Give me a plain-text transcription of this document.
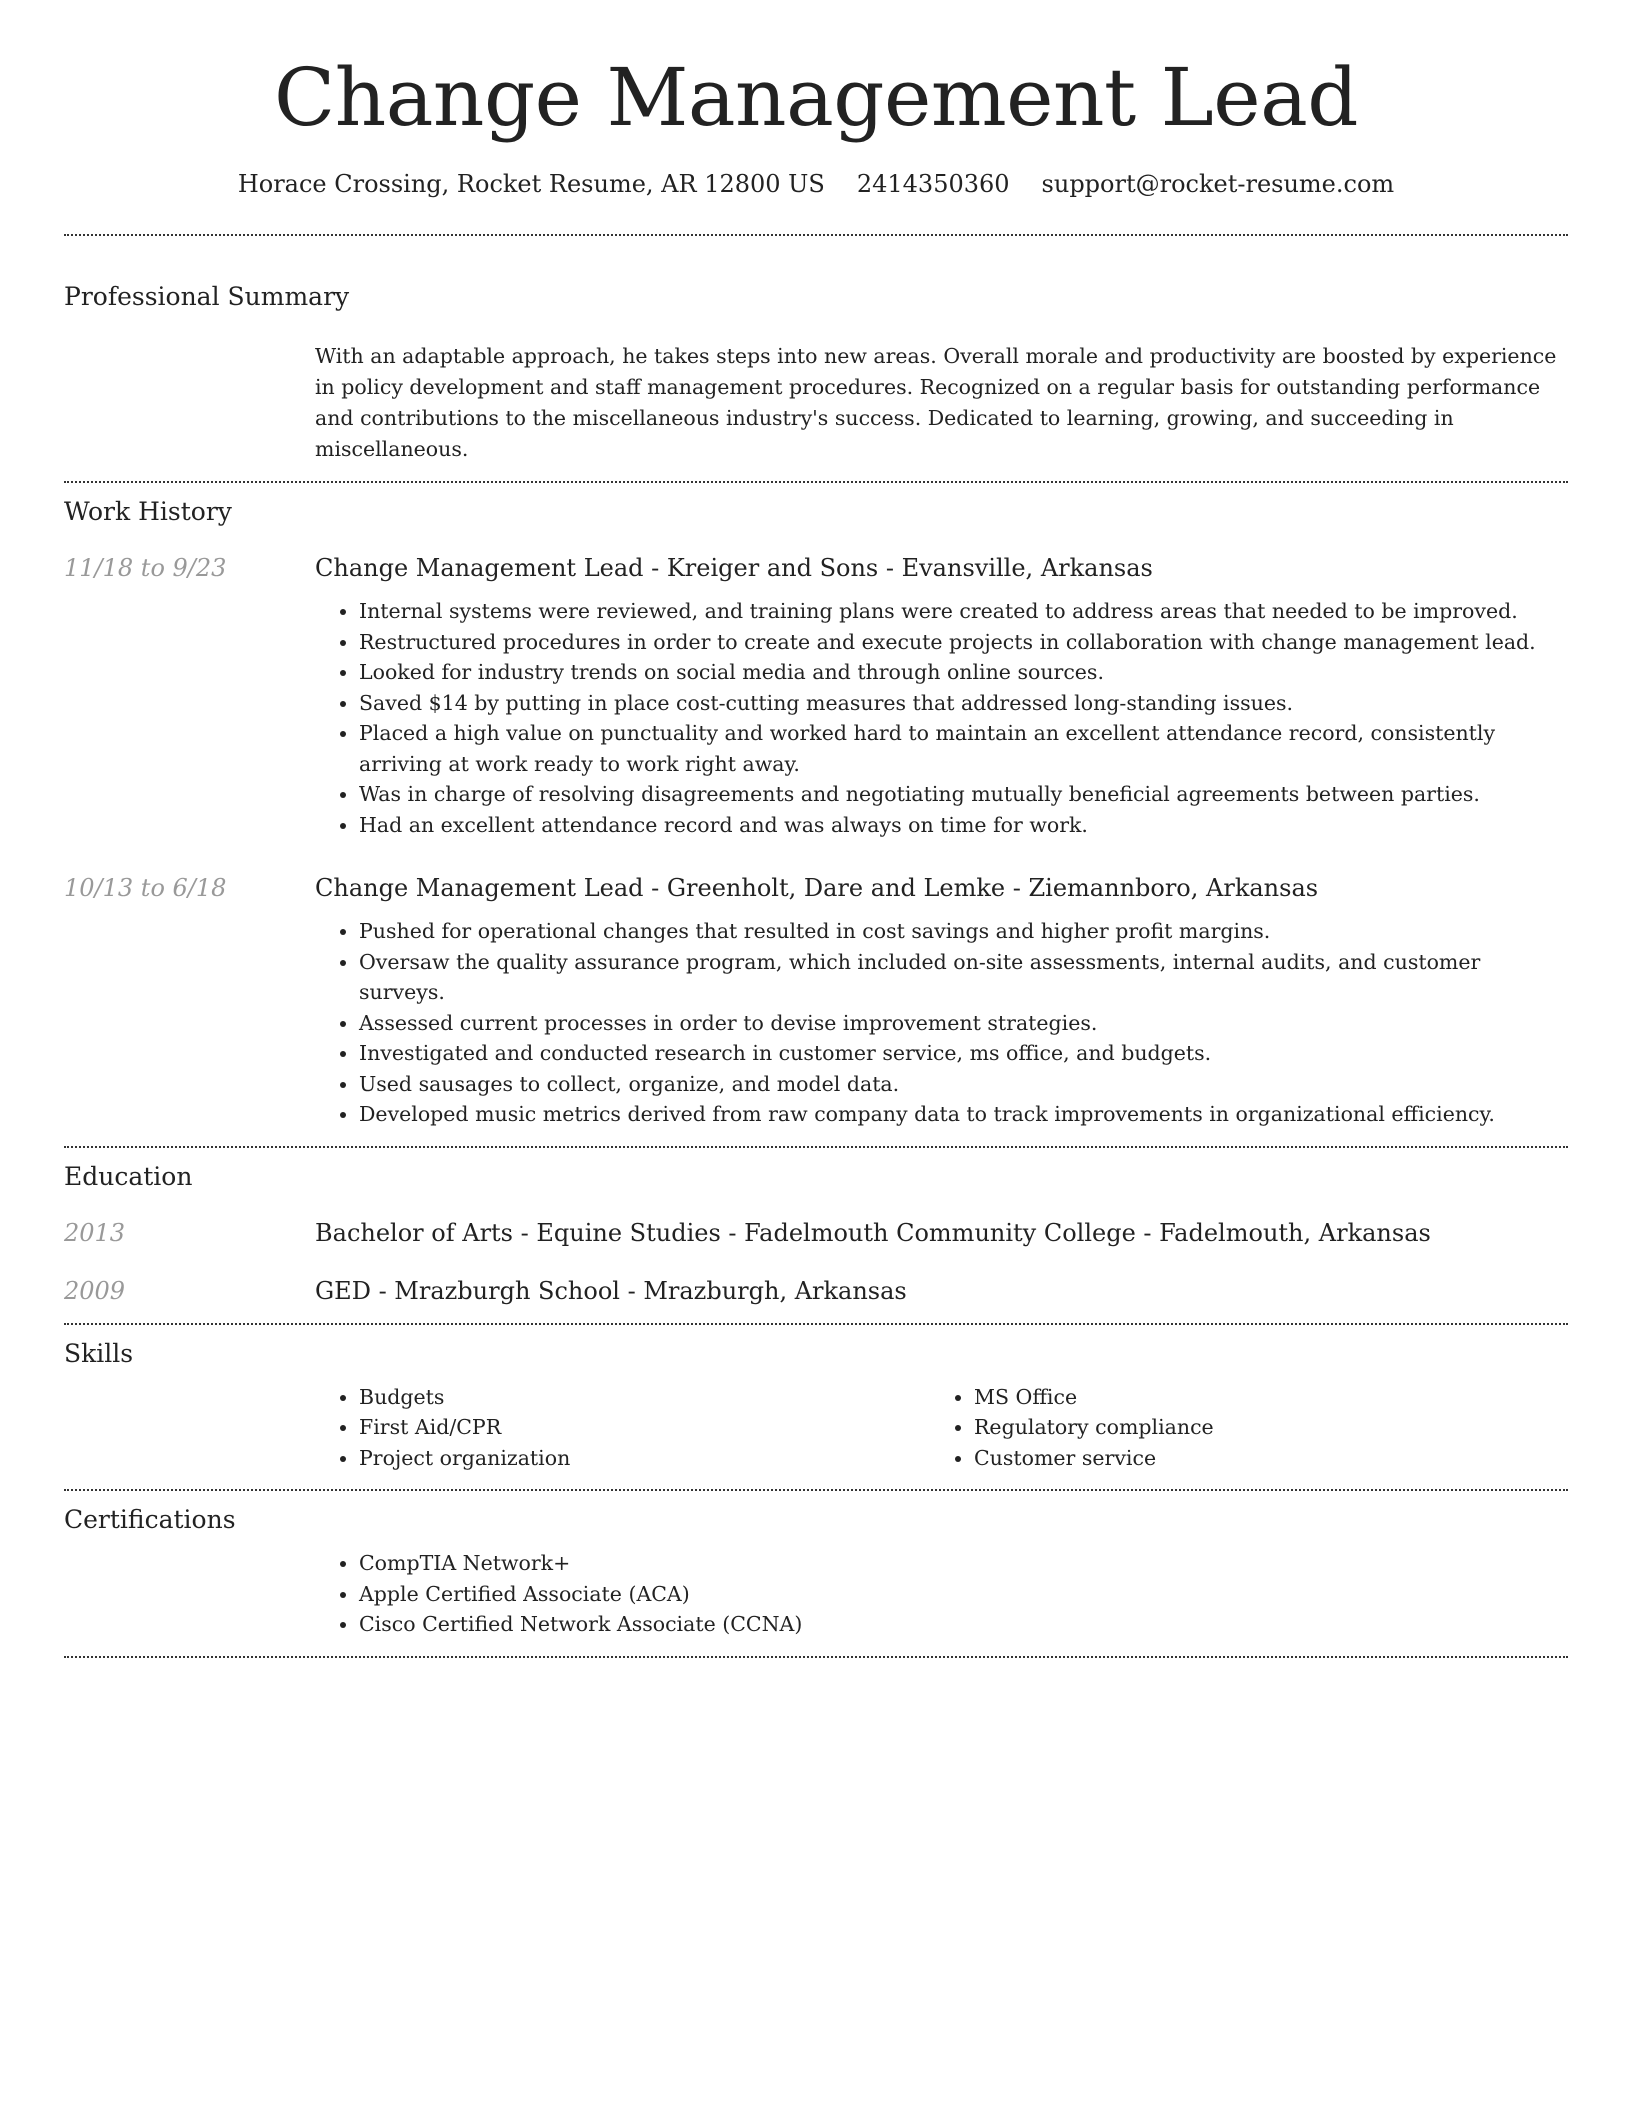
Change Management Lead
Horace Crossing, Rocket Resume, AR 12800 US 2414350360 support@rocket-resume.com
Professional Summary

With an adaptable approach, he takes steps into new areas. Overall morale and productivity are boosted by experience in policy development and staff management procedures. Recognized on a regular basis for outstanding performance and contributions to the miscellaneous industry's success. Dedicated to learning, growing, and succeeding in miscellaneous.

Work History
11/18 to 9/23	Change Management Lead - Kreiger and Sons - Evansville, Arkansas
• Internal systems were reviewed, and training plans were created to address areas that needed to be improved.
• Restructured procedures in order to create and execute projects in collaboration with change management lead.
• Looked for industry trends on social media and through online sources.
• Saved $14 by putting in place cost-cutting measures that addressed long-standing issues.
• Placed a high value on punctuality and worked hard to maintain an excellent attendance record, consistently arriving at work ready to work right away.
• Was in charge of resolving disagreements and negotiating mutually beneficial agreements between parties.
• Had an excellent attendance record and was always on time for work.
10/13 to 6/18	Change Management Lead - Greenholt, Dare and Lemke - Ziemannboro, Arkansas
• Pushed for operational changes that resulted in cost savings and higher profit margins.
• Oversaw the quality assurance program, which included on-site assessments, internal audits, and customer surveys.
• Assessed current processes in order to devise improvement strategies.
• Investigated and conducted research in customer service, ms office, and budgets.
• Used sausages to collect, organize, and model data.
• Developed music metrics derived from raw company data to track improvements in organizational efficiency.
Education
2013	Bachelor of Arts - Equine Studies - Fadelmouth Community College - Fadelmouth, Arkansas
2009	GED - Mrazburgh School - Mrazburgh, Arkansas
Skills
• Budgets
• First Aid/CPR
• Project organization
• MS Office
• Regulatory compliance
• Customer service
Certifications
• CompTIA Network+
• Apple Certified Associate (ACA)
• Cisco Certified Network Associate (CCNA)
